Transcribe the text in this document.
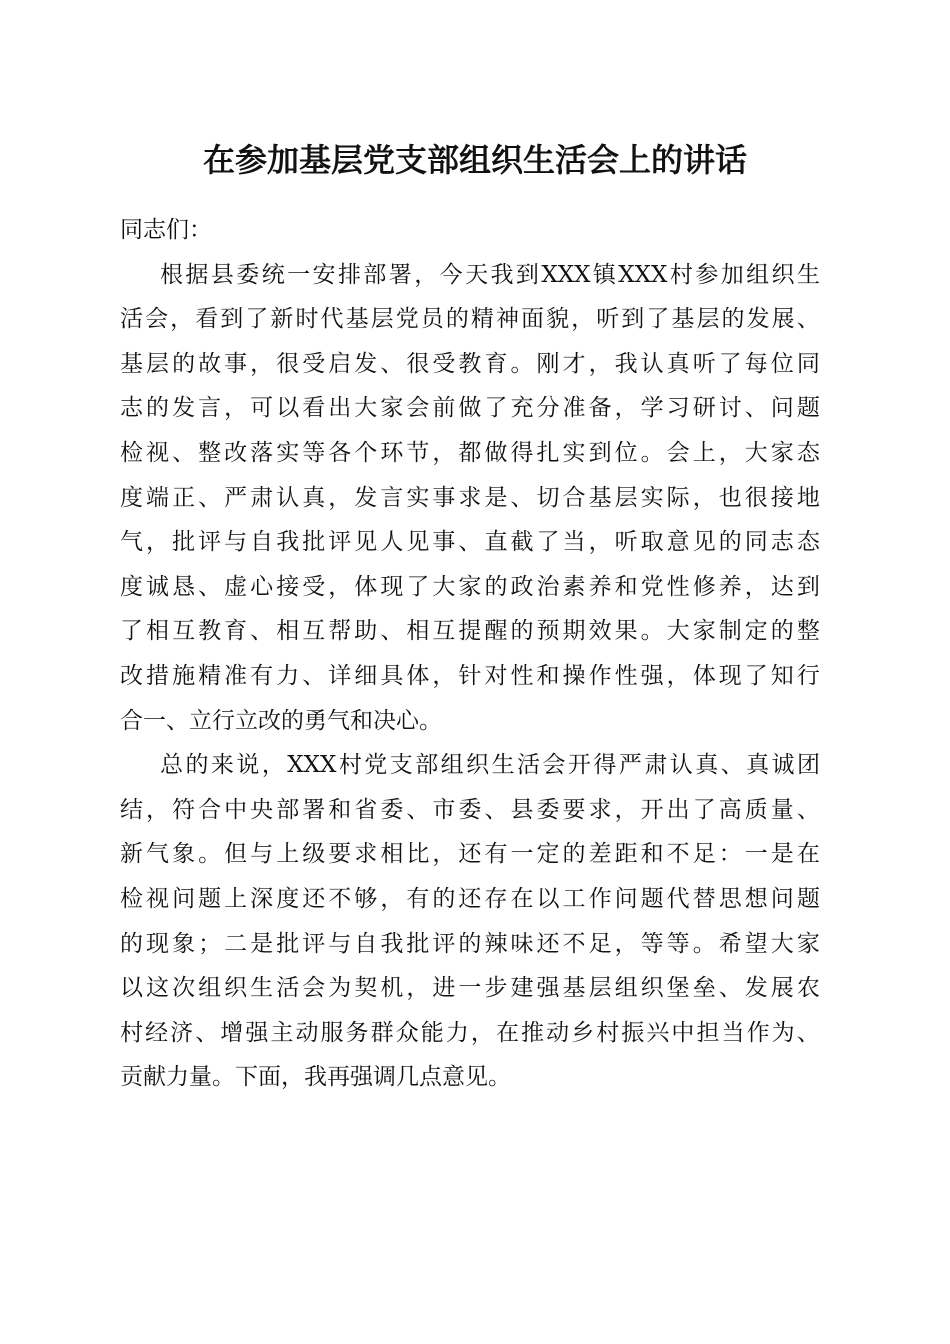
在参加基层党支部组织生活会上的讲话
同志们：
根 据 县 委 统 一 安 排 部 署 ， 今 天 我 到 XXX 镇 XXX 村 参 加 组 织 生
活 会 ， 看 到 了 新 时 代 基 层 党 员 的 精 神 面 貌 ， 听 到 了 基 层 的 发 展 、
基 层 的 故 事 ， 很 受 启 发 、 很 受 教 育 。 刚 才 ， 我 认 真 听 了 每 位 同
志 的 发 言 ， 可 以 看 出 大 家 会 前 做 了 充 分 准 备 ， 学 习 研 讨 、 问 题
检 视 、 整 改 落 实 等 各 个 环 节 ， 都 做 得 扎 实 到 位 。 会 上 ， 大 家 态
度 端 正 、 严 肃 认 真 ， 发 言 实 事 求 是 、 切 合 基 层 实 际 ， 也 很 接 地
气 ， 批 评 与 自 我 批 评 见 人 见 事 、 直 截 了 当 ， 听 取 意 见 的 同 志 态
度 诚 恳 、 虚 心 接 受 ， 体 现 了 大 家 的 政 治 素 养 和 党 性 修 养 ， 达 到
了 相 互 教 育 、 相 互 帮 助 、 相 互 提 醒 的 预 期 效 果 。 大 家 制 定 的 整
改 措 施 精 准 有 力 、 详 细 具 体 ， 针 对 性 和 操 作 性 强 ， 体 现 了 知 行
合一、立行立改的勇气和决心。
总 的 来 说 ， XXX 村 党 支 部 组 织 生 活 会 开 得 严 肃 认 真 、 真 诚 团
结 ， 符 合 中 央 部 署 和 省 委 、 市 委 、 县 委 要 求 ， 开 出 了 高 质 量 、
新 气 象 。 但 与 上 级 要 求 相 比 ， 还 有 一 定 的 差 距 和 不 足 ： 一 是 在
检 视 问 题 上 深 度 还 不 够 ， 有 的 还 存 在 以 工 作 问 题 代 替 思 想 问 题
的 现 象 ； 二 是 批 评 与 自 我 批 评 的 辣 味 还 不 足 ， 等 等 。 希 望 大 家
以 这 次 组 织 生 活 会 为 契 机 ， 进 一 步 建 强 基 层 组 织 堡 垒 、 发 展 农
村 经 济 、 增 强 主 动 服 务 群 众 能 力 ， 在 推 动 乡 村 振 兴 中 担 当 作 为 、
贡献力量。下面，我再强调几点意见。
